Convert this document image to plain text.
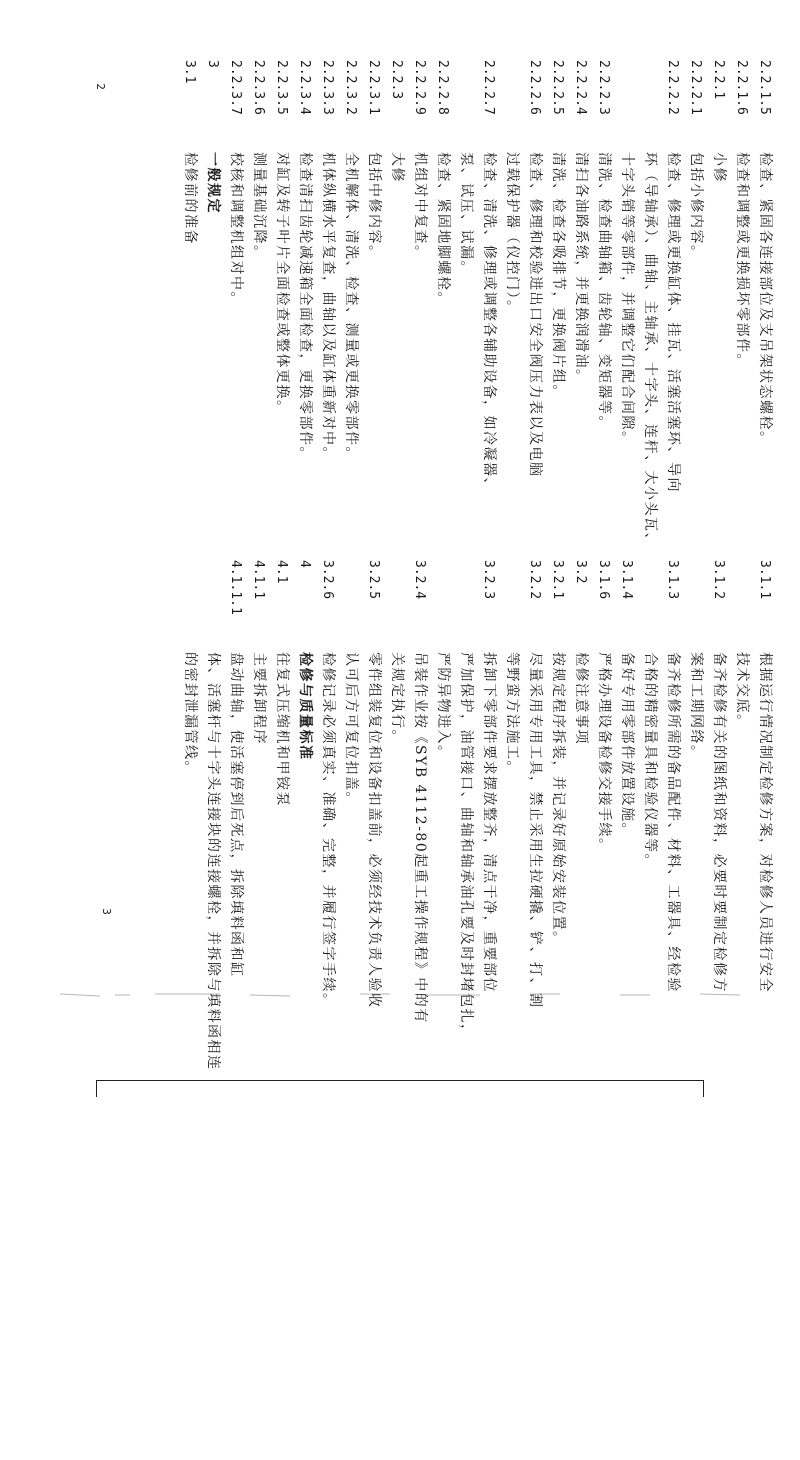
2.2.1.5检查、紧固各连接部位及支吊架状态螺栓。
2.2.1.6检查和调整或更换损坏零部件。
2.2.1小修
2.2.2.1包括小修内容。
2.2.2.2检查、修理或更换缸体、挂瓦、活塞活塞环、导向
环（导轴承）、曲轴、主轴承、十字头、连杆、大小头瓦、
十字头销等零部件，并调整它们配合间隙。
2.2.2.3清洗、检查曲轴箱、齿轮轴、变矩器等。
2.2.2.4清扫各油路系统，并更换润滑油。
2.2.2.5清洗、检查各吸排节，更换阀片组。
2.2.2.6检查、修理和校验进出口安全阀压力表以及电脑
过载保护器（仪控门）。
2.2.2.7检查、清洗、修理或调整各辅助设备，如冷凝器、
泵、试压、试漏。
2.2.2.8检查、紧固地脚螺栓。
2.2.2.9机组对中复查。
2.2.3大修
2.2.3.1包括中修内容。
2.2.3.2全机解体、清洗、检查、测量或更换零部件。
2.2.3.3机体纵横水平复查，曲轴以及缸体重新对中。
2.2.3.4检查清扫齿轮减速箱全面检查，更换零部件。
2.2.3.5对缸及转子叶片全面检查或整体更换。
2.2.3.6测量基础沉降。
2.2.3.7校核和调整机组对中。
3一般规定
3.1检修前的准备
3.1.1根据运行情况制定检修方案，对检修人员进行安全
技术交底。
3.1.2备齐检修有关的图纸和资料，必要时要制定检修方
案和工期网络。
3.1.3备齐检修所需的备品配件、材料、工器具、经检验
合格的精密量具和检验仪器等。
3.1.4备好专用零部件放置设施。
3.1.6严格办理设备检修交接手续。
3.2检修注意事项
3.2.1按规定程序拆装，并记录好原始安装位置。
3.2.2尽量采用专用工具，禁止采用生拉硬撬、铲、打、割
等野蛮方法施工。
3.2.3拆卸下零部件要求摆放整齐，清点干净，重要部位
严加保护，油管接口、曲轴和轴承油孔要及时封堵包扎，
严防异物进入。
3.2.4吊装作业按《SYB 4112-80起重工操作规程》中的有
关规定执行。
3.2.5零件组装复位和设备扣盖前，必须经技术负责人验收
认可后方可复位扣盖。
3.2.6检修记录必须真实、准确、完整，并履行签字手续。
4检修与质量标准
4.1往复式压缩机和甲铵泵
4.1.1主要拆卸程序
4.1.1.1盘动曲轴，使活塞停到后死点，拆除填料函和缸
体、活塞杆与十字头连接块的连接螺栓，并拆除与填料函相连
的密封泄漏管线。
2
3
